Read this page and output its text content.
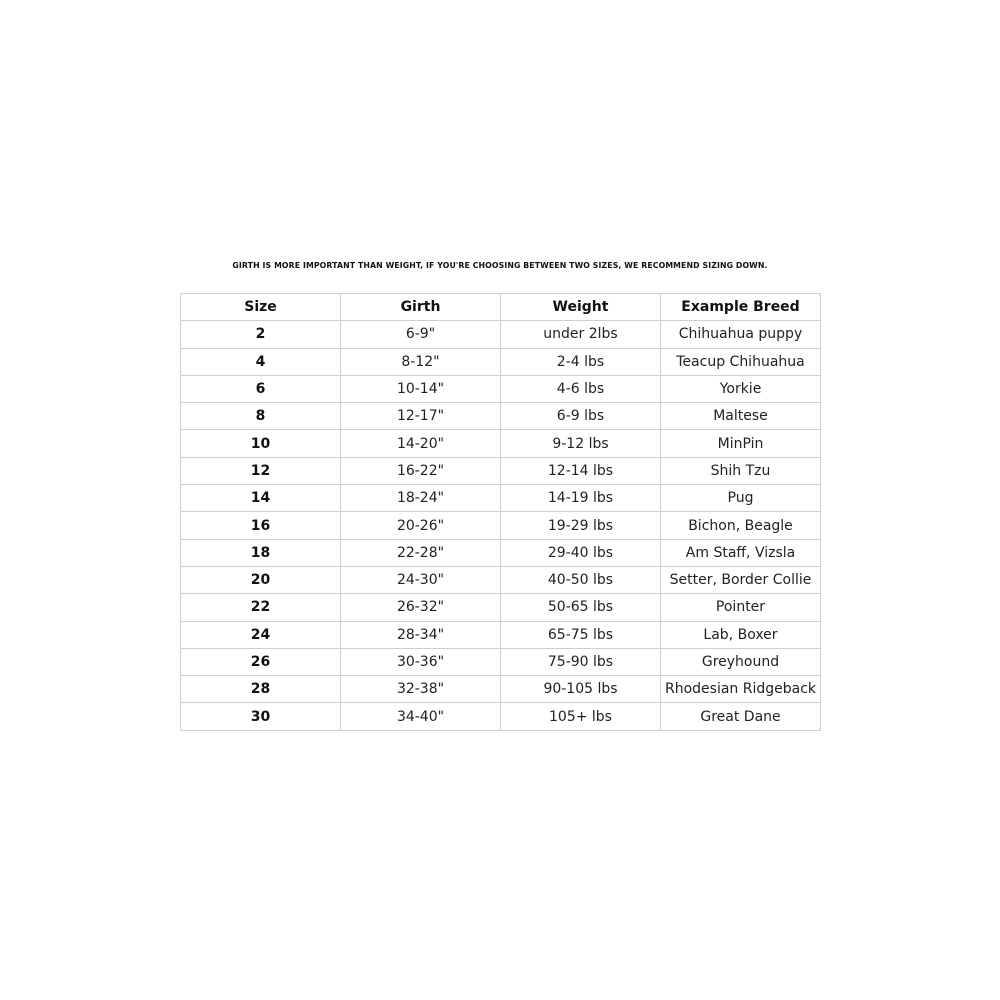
GIRTH IS MORE IMPORTANT THAN WEIGHT, IF YOU'RE CHOOSING BETWEEN TWO SIZES, WE RECOMMEND SIZING DOWN.
Size	Girth	Weight	Example Breed
2	6-9"	under 2lbs	Chihuahua puppy
4	8-12"	2-4 lbs	Teacup Chihuahua
6	10-14"	4-6 lbs	Yorkie
8	12-17"	6-9 lbs	Maltese
10	14-20"	9-12 lbs	MinPin
12	16-22"	12-14 lbs	Shih Tzu
14	18-24"	14-19 lbs	Pug
16	20-26"	19-29 lbs	Bichon, Beagle
18	22-28"	29-40 lbs	Am Staff, Vizsla
20	24-30"	40-50 lbs	Setter, Border Collie
22	26-32"	50-65 lbs	Pointer
24	28-34"	65-75 lbs	Lab, Boxer
26	30-36"	75-90 lbs	Greyhound
28	32-38"	90-105 lbs	Rhodesian Ridgeback
30	34-40"	105+ lbs	Great Dane
